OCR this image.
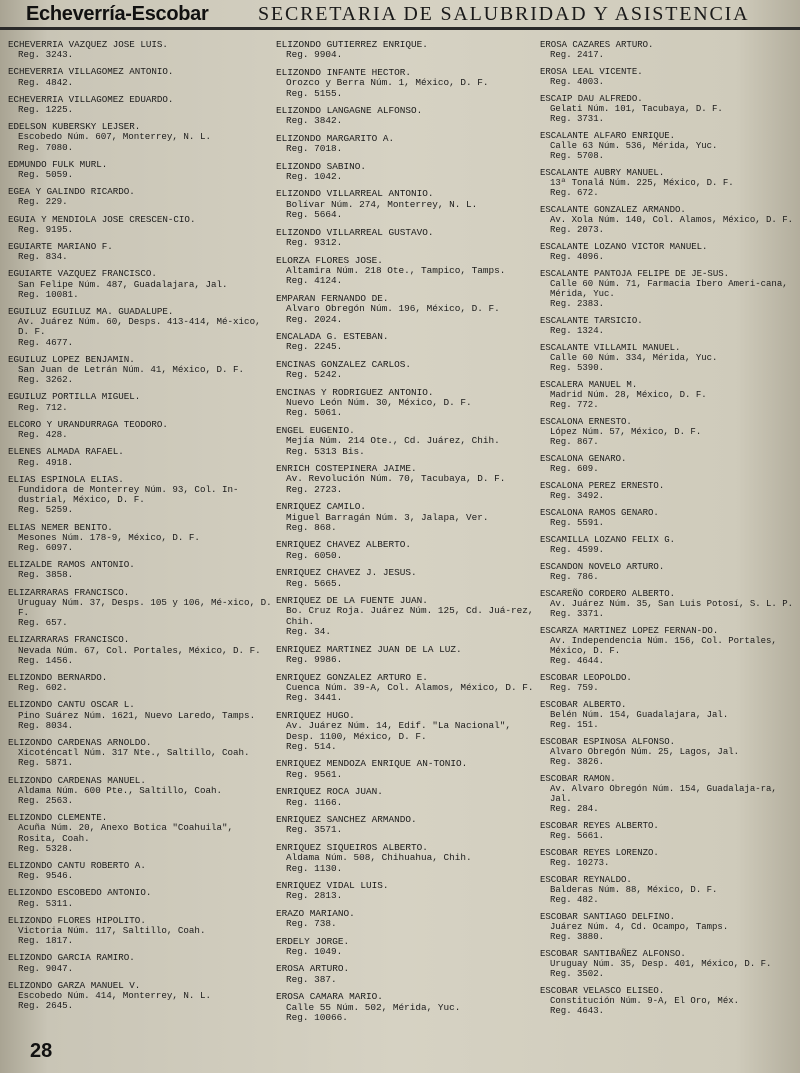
Echeverría-Escobar SECRETARIA DE SALUBRIDAD Y ASISTENCIA
ECHEVERRIA VAZQUEZ JOSE LUIS.
Reg. 3243.
ECHEVERRIA VILLAGOMEZ ANTONIO.
Reg. 4842.
ECHEVERRIA VILLAGOMEZ EDUARDO.
Reg. 1225.
EDELSON KUBERSKY LEJSER.
Escobedo Núm. 607, Monterrey, N. L.
Reg. 7080.
EDMUNDO FULK MURL.
Reg. 5059.
EGEA Y GALINDO RICARDO.
Reg. 229.
EGUIA Y MENDIOLA JOSE CRESCEN-CIO.
Reg. 9195.
EGUIARTE MARIANO F.
Reg. 834.
EGUIARTE VAZQUEZ FRANCISCO.
San Felipe Núm. 487, Guadalajara, Jal.
Reg. 10081.
EGUILUZ EGUILUZ MA. GUADALUPE.
Av. Juárez Núm. 60, Desps. 413-414, Mé-xico, D. F.
Reg. 4677.
EGUILUZ LOPEZ BENJAMIN.
San Juan de Letrán Núm. 41, México, D. F.
Reg. 3262.
EGUILUZ PORTILLA MIGUEL.
Reg. 712.
ELCORO Y URANDURRAGA TEODORO.
Reg. 428.
ELENES ALMADA RAFAEL.
Reg. 4918.
ELIAS ESPINOLA ELIAS.
Fundidora de Monterrey Núm. 93, Col. In-dustrial, México, D. F.
Reg. 5259.
ELIAS NEMER BENITO.
Mesones Núm. 178-9, México, D. F.
Reg. 6097.
ELIZALDE RAMOS ANTONIO.
Reg. 3858.
ELIZARRARAS FRANCISCO.
Uruguay Núm. 37, Desps. 105 y 106, Mé-xico, D. F.
Reg. 657.
ELIZARRARAS FRANCISCO.
Nevada Núm. 67, Col. Portales, México, D. F.
Reg. 1456.
ELIZONDO BERNARDO.
Reg. 602.
ELIZONDO CANTU OSCAR L.
Pino Suárez Núm. 1621, Nuevo Laredo, Tamps.
Reg. 8034.
ELIZONDO CARDENAS ARNOLDO.
Xicoténcatl Núm. 317 Nte., Saltillo, Coah.
Reg. 5871.
ELIZONDO CARDENAS MANUEL.
Aldama Núm. 600 Pte., Saltillo, Coah.
Reg. 2563.
ELIZONDO CLEMENTE.
Acuña Núm. 20, Anexo Botica "Coahuila", Rosita, Coah.
Reg. 5328.
ELIZONDO CANTU ROBERTO A.
Reg. 9546.
ELIZONDO ESCOBEDO ANTONIO.
Reg. 5311.
ELIZONDO FLORES HIPOLITO.
Victoria Núm. 117, Saltillo, Coah.
Reg. 1817.
ELIZONDO GARCIA RAMIRO.
Reg. 9047.
ELIZONDO GARZA MANUEL V.
Escobedo Núm. 414, Monterrey, N. L.
Reg. 2645.
ELIZONDO GUTIERREZ ENRIQUE.
Reg. 9904.
ELIZONDO INFANTE HECTOR.
Orozco y Berra Núm. 1, México, D. F.
Reg. 5155.
ELIZONDO LANGAGNE ALFONSO.
Reg. 3842.
ELIZONDO MARGARITO A.
Reg. 7018.
ELIZONDO SABINO.
Reg. 1042.
ELIZONDO VILLARREAL ANTONIO.
Bolívar Núm. 274, Monterrey, N. L.
Reg. 5664.
ELIZONDO VILLARREAL GUSTAVO.
Reg. 9312.
ELORZA FLORES JOSE.
Altamira Núm. 218 Ote., Tampico, Tamps.
Reg. 4124.
EMPARAN FERNANDO DE.
Alvaro Obregón Núm. 196, México, D. F.
Reg. 2024.
ENCALADA G. ESTEBAN.
Reg. 2245.
ENCINAS GONZALEZ CARLOS.
Reg. 5242.
ENCINAS Y RODRIGUEZ ANTONIO.
Nuevo León Núm. 30, México, D. F.
Reg. 5061.
ENGEL EUGENIO.
Mejía Núm. 214 Ote., Cd. Juárez, Chih.
Reg. 5313 Bis.
ENRICH COSTEPINERA JAIME.
Av. Revolución Núm. 70, Tacubaya, D. F.
Reg. 2723.
ENRIQUEZ CAMILO.
Miguel Barragán Núm. 3, Jalapa, Ver.
Reg. 868.
ENRIQUEZ CHAVEZ ALBERTO.
Reg. 6050.
ENRIQUEZ CHAVEZ J. JESUS.
Reg. 5665.
ENRIQUEZ DE LA FUENTE JUAN.
Bo. Cruz Roja. Juárez Núm. 125, Cd. Juá-rez, Chih.
Reg. 34.
ENRIQUEZ MARTINEZ JUAN DE LA LUZ.
Reg. 9986.
ENRIQUEZ GONZALEZ ARTURO E.
Cuenca Núm. 39-A, Col. Alamos, México, D. F.
Reg. 3441.
ENRIQUEZ HUGO.
Av. Juárez Núm. 14, Edif. "La Nacional", Desp. 1100, México, D. F.
Reg. 514.
ENRIQUEZ MENDOZA ENRIQUE AN-TONIO.
Reg. 9561.
ENRIQUEZ ROCA JUAN.
Reg. 1166.
ENRIQUEZ SANCHEZ ARMANDO.
Reg. 3571.
ENRIQUEZ SIQUEIROS ALBERTO.
Aldama Núm. 508, Chihuahua, Chih.
Reg. 1130.
ENRIQUEZ VIDAL LUIS.
Reg. 2813.
ERAZO MARIANO.
Reg. 738.
ERDELY JORGE.
Reg. 1049.
EROSA ARTURO.
Reg. 387.
EROSA CAMARA MARIO.
Calle 55 Núm. 502, Mérida, Yuc.
Reg. 10066.
EROSA CAZARES ARTURO.
Reg. 2417.
EROSA LEAL VICENTE.
Reg. 4003.
ESCAIP DAU ALFREDO.
Gelati Núm. 101, Tacubaya, D. F.
Reg. 3731.
ESCALANTE ALFARO ENRIQUE.
Calle 63 Núm. 536, Mérida, Yuc.
Reg. 5708.
ESCALANTE AUBRY MANUEL.
13ª Tonalá Núm. 225, México, D. F.
Reg. 672.
ESCALANTE GONZALEZ ARMANDO.
Av. Xola Núm. 140, Col. Alamos, México, D. F.
Reg. 2073.
ESCALANTE LOZANO VICTOR MANUEL.
Reg. 4096.
ESCALANTE PANTOJA FELIPE DE JE-SUS.
Calle 60 Núm. 71, Farmacia Ibero Ameri-cana, Mérida, Yuc.
Reg. 2383.
ESCALANTE TARSICIO.
Reg. 1324.
ESCALANTE VILLAMIL MANUEL.
Calle 60 Núm. 334, Mérida, Yuc.
Reg. 5390.
ESCALERA MANUEL M.
Madrid Núm. 28, México, D. F.
Reg. 772.
ESCALONA ERNESTO.
López Núm. 57, México, D. F.
Reg. 867.
ESCALONA GENARO.
Reg. 609.
ESCALONA PEREZ ERNESTO.
Reg. 3492.
ESCALONA RAMOS GENARO.
Reg. 5591.
ESCAMILLA LOZANO FELIX G.
Reg. 4599.
ESCANDON NOVELO ARTURO.
Reg. 786.
ESCAREÑO CORDERO ALBERTO.
Av. Juárez Núm. 35, San Luis Potosí, S. L. P.
Reg. 3371.
ESCARZA MARTINEZ LOPEZ FERNAN-DO.
Av. Independencia Núm. 156, Col. Portales, México, D. F.
Reg. 4644.
ESCOBAR LEOPOLDO.
Reg. 759.
ESCOBAR ALBERTO.
Belén Núm. 154, Guadalajara, Jal.
Reg. 151.
ESCOBAR ESPINOSA ALFONSO.
Alvaro Obregón Núm. 25, Lagos, Jal.
Reg. 3826.
ESCOBAR RAMON.
Av. Alvaro Obregón Núm. 154, Guadalaja-ra, Jal.
Reg. 284.
ESCOBAR REYES ALBERTO.
Reg. 5661.
ESCOBAR REYES LORENZO.
Reg. 10273.
ESCOBAR REYNALDO.
Balderas Núm. 88, México, D. F.
Reg. 482.
ESCOBAR SANTIAGO DELFINO.
Juárez Núm. 4, Cd. Ocampo, Tamps.
Reg. 3880.
ESCOBAR SANTIBAÑEZ ALFONSO.
Uruguay Núm. 35, Desp. 401, México, D. F.
Reg. 3502.
ESCOBAR VELASCO ELISEO.
Constitución Núm. 9-A, El Oro, Méx.
Reg. 4643.
28
